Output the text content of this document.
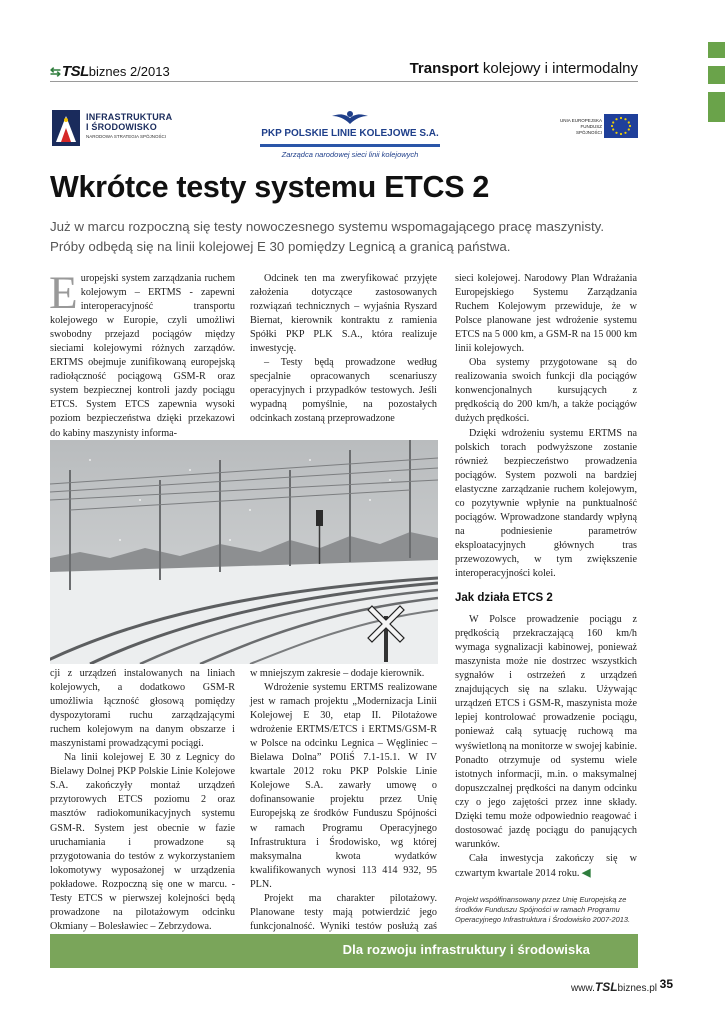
⇆TSLbiznes 2/2013	Transport kolejowy i intermodalny
INFRASTRUKTURA
I ŚRODOWISKO
NARODOWA STRATEGIA SPÓJNOŚCI	PKP POLSKIE LINIE KOLEJOWE S.A.
Zarządca narodowej sieci linii kolejowych
UNIA EUROPEJSKA
FUNDUSZ SPÓJNOŚCI
Wkrótce testy systemu ETCS 2
Już w marcu rozpoczną się testy nowoczesnego systemu wspomagającego pracę maszynisty. Próby odbędą się na linii kolejowej E 30 pomiędzy Legnicą a granicą państwa.

Europejski system zarządzania ruchem kolejowym – ERTMS - zapewni interoperacyjność transportu kolejowego w Europie, czyli umożliwi swobodny przejazd pociągów między sieciami kolejowymi różnych zarządów. ERTMS obejmuje zunifikowaną europejską radiołączność pociągową GSM-R oraz system bezpiecznej kontroli jazdy pociągu ETCS. System ETCS zapewnia wysoki poziom bezpieczeństwa dzięki przekazowi do kabiny maszynisty informa-

Odcinek ten ma zweryfikować przyjęte założenia dotyczące zastosowanych rozwiązań technicznych – wyjaśnia Ryszard Biernat, kierownik kontraktu z ramienia Spółki PKP PLK S.A., która realizuje inwestycję.

– Testy będą prowadzone według specjalnie opracowanych scenariuszy operacyjnych i przypadków testowych. Jeśli wypadną pomyślnie, na pozostałych odcinkach zostaną przeprowadzone

cji z urządzeń instalowanych na liniach kolejowych, a dodatkowo GSM-R umożliwia łączność głosową pomiędzy dyspozytorami ruchu zarządzającymi ruchem kolejowym na danym obszarze i maszynistami prowadzącymi pociągi.

Na linii kolejowej E 30 z Legnicy do Bielawy Dolnej PKP Polskie Linie Kolejowe S.A. zakończyły montaż urządzeń przytorowych ETCS poziomu 2 oraz masztów radiokomunikacyjnych systemu GSM-R. System jest obecnie w fazie uruchamiania i prowadzone są przygotowania do testów z wykorzystaniem lokomotywy wyposażonej w urządzenia pokładowe. Rozpoczną się one w marcu. - Testy ETCS w pierwszej kolejności będą prowadzone na pilotażowym odcinku Okmiany – Bolesławiec – Zebrzydowa.

w mniejszym zakresie – dodaje kierownik.

Wdrożenie systemu ERTMS realizowane jest w ramach projektu „Modernizacja Linii Kolejowej E 30, etap II. Pilotażowe wdrożenie ERTMS/ETCS i ERTMS/GSM-R w Polsce na odcinku Legnica – Węgliniec – Bielawa Dolna” POIiŚ 7.1-15.1. W IV kwartale 2012 roku PKP Polskie Linie Kolejowe S.A. zawarły umowę o dofinansowanie projektu przez Unię Europejską ze środków Funduszu Spójności w ramach Programu Operacyjnego Infrastruktura i Środowisko, wg której maksymalna kwota wydatków kwalifikowanych wynosi 113 414 932, 95 PLN.

Projekt ma charakter pilotażowy. Planowane testy mają potwierdzić jego funkcjonalność. Wyniki testów posłużą zaś

sieci kolejowej. Narodowy Plan Wdrażania Europejskiego Systemu Zarządzania Ruchem Kolejowym przewiduje, że w Polsce planowane jest wdrożenie systemu ETCS na 5 000 km, a GSM-R na 15 000 km linii kolejowych.

Oba systemy przygotowane są do realizowania swoich funkcji dla pociągów konwencjonalnych kursujących z prędkością do 200 km/h, a także pociągów dużych prędkości.

Dzięki wdrożeniu systemu ERTMS na polskich torach podwyższone zostanie również bezpieczeństwo prowadzenia pociągów. System pozwoli na bardziej elastyczne zarządzanie ruchem kolejowym, co pozytywnie wpłynie na punktualność pociągów. Wprowadzone standardy wpłyną na podniesienie parametrów eksploatacyjnych głównych tras przewozowych, w tym zwiększenie interoperacyjności kolei.

Jak działa ETCS 2

W Polsce prowadzenie pociągu z prędkością przekraczającą 160 km/h wymaga sygnalizacji kabinowej, ponieważ maszynista może nie dostrzec wszystkich sygnałów i ostrzeżeń z urządzeń znajdujących się na szlaku. Używając urządzeń ETCS i GSM-R, maszynista może lepiej kontrolować prowadzenie pociągu, ponieważ całą sytuację ruchową ma wyświetloną na monitorze w swojej kabinie. Ponadto otrzymuje od systemu wiele istotnych informacji, m.in. o maksymalnej dopuszczalnej prędkości na danym odcinku czy o jego zajętości przez inne składy. Dzięki temu może odpowiednio reagować i dostosować jazdę pociągu do panujących warunków.

Cała inwestycja zakończy się w czwartym kwartale 2014 roku. ◀

Projekt współfinansowany przez Unię Europejską ze środków Funduszu Spójności w ramach Programu Operacyjnego Infrastruktura i Środowisko 2007-2013.
Dla rozwoju infrastruktury i środowiska
www.TSLbiznes.pl 35
